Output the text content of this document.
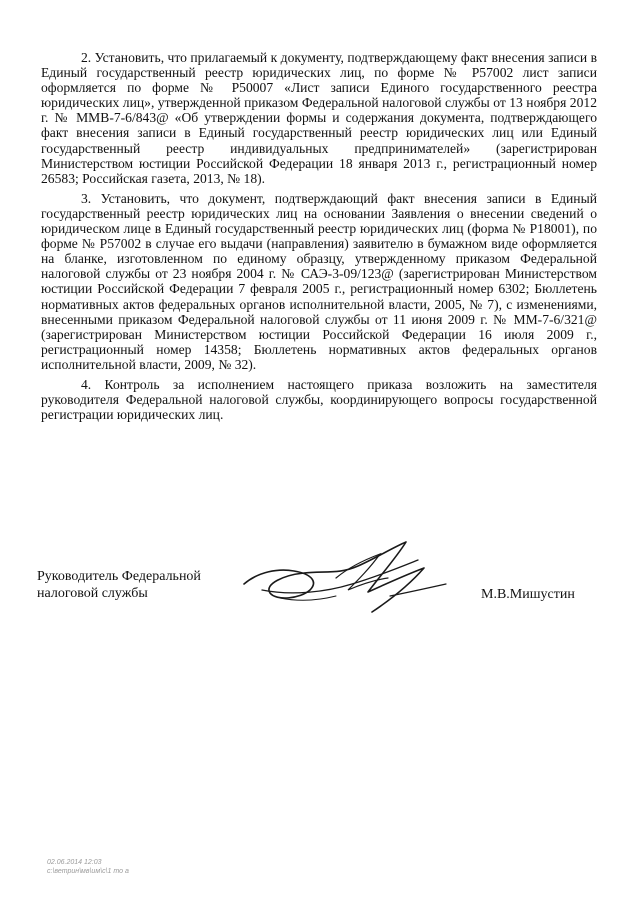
2. Установить, что прилагаемый к документу, подтверждающему факт внесения записи в Единый государственный реестр юридических лиц, по форме № Р57002 лист записи оформляется по форме № Р50007 «Лист записи Единого государственного реестра юридических лиц», утвержденной приказом Федеральной налоговой службы от 13 ноября 2012 г. № ММВ-7-6/843@ «Об утверждении формы и содержания документа, подтверждающего факт внесения записи в Единый государственный реестр юридических лиц или Единый государственный реестр индивидуальных предпринимателей» (зарегистрирован Министерством юстиции Российской Федерации 18 января 2013 г., регистрационный номер 26583; Российская газета, 2013, № 18).

3. Установить, что документ, подтверждающий факт внесения записи в Единый государственный реестр юридических лиц на основании Заявления о внесении сведений о юридическом лице в Единый государственный реестр юридических лиц (форма № Р18001), по форме № Р57002 в случае его выдачи (направления) заявителю в бумажном виде оформляется на бланке, изготовленном по единому образцу, утвержденному приказом Федеральной налоговой службы от 23 ноября 2004 г. № САЭ-3-09/123@ (зарегистрирован Министерством юстиции Российской Федерации 7 февраля 2005 г., регистрационный номер 6302; Бюллетень нормативных актов федеральных органов исполнительной власти, 2005, № 7), с изменениями, внесенными приказом Федеральной налоговой службы от 11 июня 2009 г. № ММ-7-6/321@ (зарегистрирован Министерством юстиции Российской Федерации 16 июля 2009 г., регистрационный номер 14358; Бюллетень нормативных актов федеральных органов исполнительной власти, 2009, № 32).

4. Контроль за исполнением настоящего приказа возложить на заместителя руководителя Федеральной налоговой службы, координирующего вопросы государственной регистрации юридических лиц.

Руководитель Федеральной
налоговой службы	М.В.Мишустин
02.06.2014 12:03
с:\ветрин\мв\им\с\1 то а
